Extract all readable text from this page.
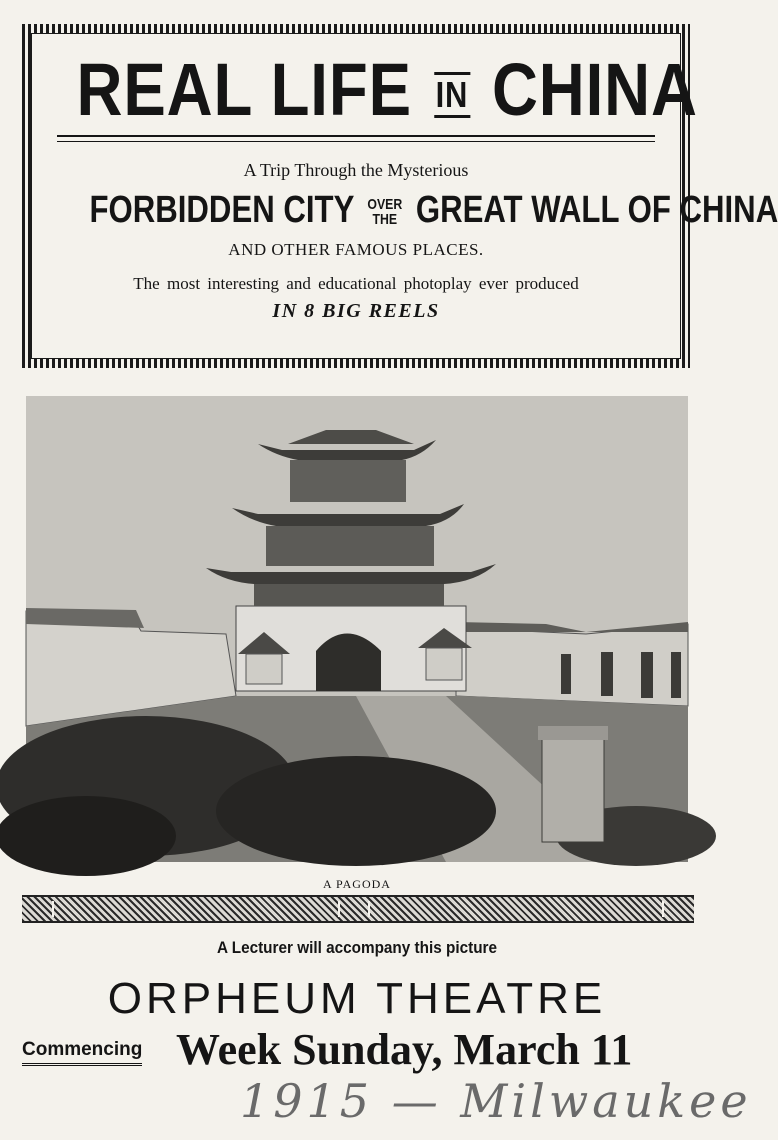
REAL LIFE IN CHINA
A Trip Through the Mysterious
FORBIDDEN CITY OVER
THE GREAT WALL OF CHINA
AND OTHER FAMOUS PLACES.
The most interesting and educational photoplay ever produced
IN 8 BIG REELS
A PAGODA
A Lecturer will accompany this picture
ORPHEUM THEATRE
Commencing Week Sunday, March 11
1915 — Milwaukee
